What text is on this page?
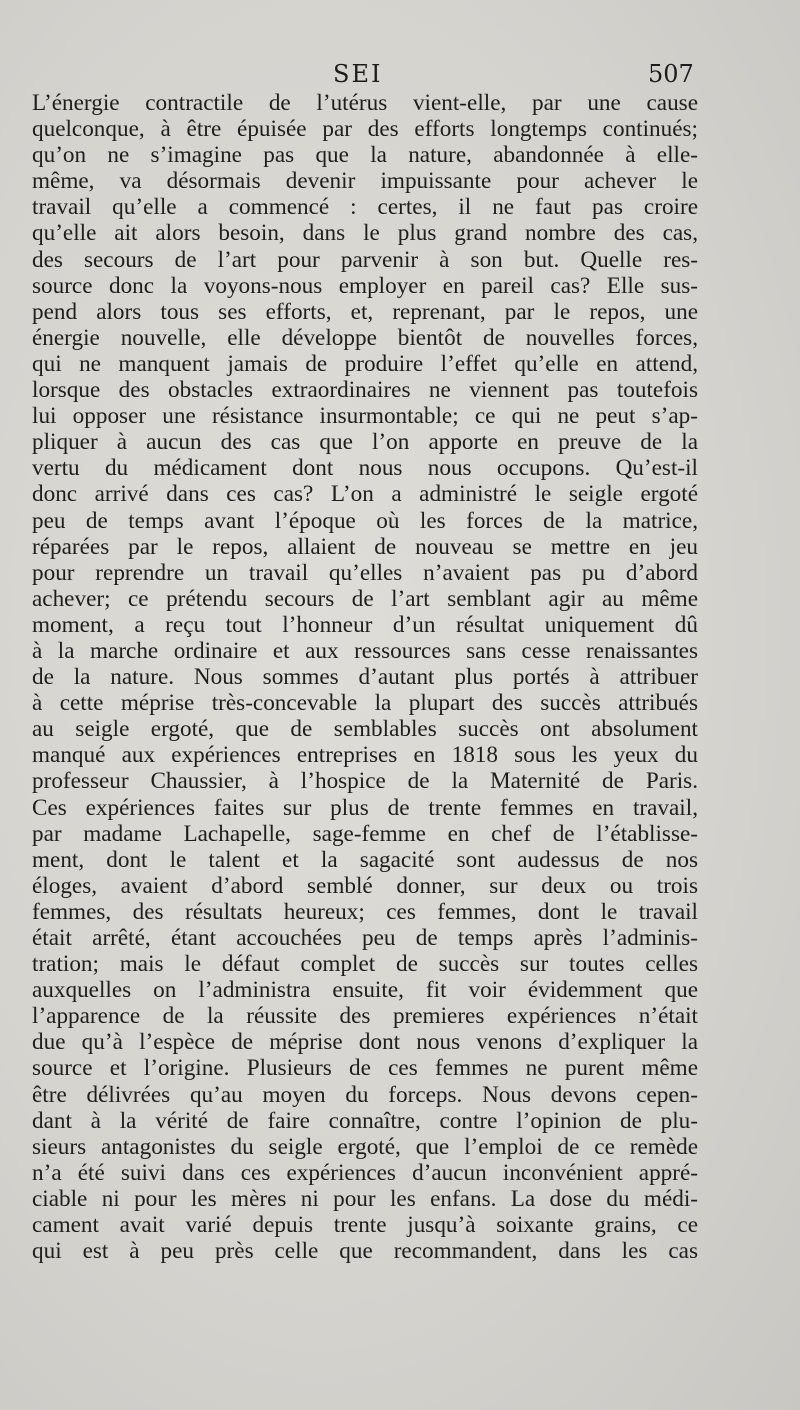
SEI	507
L’énergie contractile de l’utérus vient-elle, par une cause
quelconque, à être épuisée par des efforts longtemps continués;
qu’on ne s’imagine pas que la nature, abandonnée à elle-
même, va désormais devenir impuissante pour achever le
travail qu’elle a commencé : certes, il ne faut pas croire
qu’elle ait alors besoin, dans le plus grand nombre des cas,
des secours de l’art pour parvenir à son but. Quelle res-
source donc la voyons-nous employer en pareil cas? Elle sus-
pend alors tous ses efforts, et, reprenant, par le repos, une
énergie nouvelle, elle développe bientôt de nouvelles forces,
qui ne manquent jamais de produire l’effet qu’elle en attend,
lorsque des obstacles extraordinaires ne viennent pas toutefois
lui opposer une résistance insurmontable; ce qui ne peut s’ap-
pliquer à aucun des cas que l’on apporte en preuve de la
vertu du médicament dont nous nous occupons. Qu’est-il
donc arrivé dans ces cas? L’on a administré le seigle ergoté
peu de temps avant l’époque où les forces de la matrice,
réparées par le repos, allaient de nouveau se mettre en jeu
pour reprendre un travail qu’elles n’avaient pas pu d’abord
achever; ce prétendu secours de l’art semblant agir au même
moment, a reçu tout l’honneur d’un résultat uniquement dû
à la marche ordinaire et aux ressources sans cesse renaissantes
de la nature. Nous sommes d’autant plus portés à attribuer
à cette méprise très-concevable la plupart des succès attribués
au seigle ergoté, que de semblables succès ont absolument
manqué aux expériences entreprises en 1818 sous les yeux du
professeur Chaussier, à l’hospice de la Maternité de Paris.
Ces expériences faites sur plus de trente femmes en travail,
par madame Lachapelle, sage-femme en chef de l’établisse-
ment, dont le talent et la sagacité sont audessus de nos
éloges, avaient d’abord semblé donner, sur deux ou trois
femmes, des résultats heureux; ces femmes, dont le travail
était arrêté, étant accouchées peu de temps après l’adminis-
tration; mais le défaut complet de succès sur toutes celles
auxquelles on l’administra ensuite, fit voir évidemment que
l’apparence de la réussite des premieres expériences n’était
due qu’à l’espèce de méprise dont nous venons d’expliquer la
source et l’origine. Plusieurs de ces femmes ne purent même
être délivrées qu’au moyen du forceps. Nous devons cepen-
dant à la vérité de faire connaître, contre l’opinion de plu-
sieurs antagonistes du seigle ergoté, que l’emploi de ce remède
n’a été suivi dans ces expériences d’aucun inconvénient appré-
ciable ni pour les mères ni pour les enfans. La dose du médi-
cament avait varié depuis trente jusqu’à soixante grains, ce
qui est à peu près celle que recommandent, dans les cas
